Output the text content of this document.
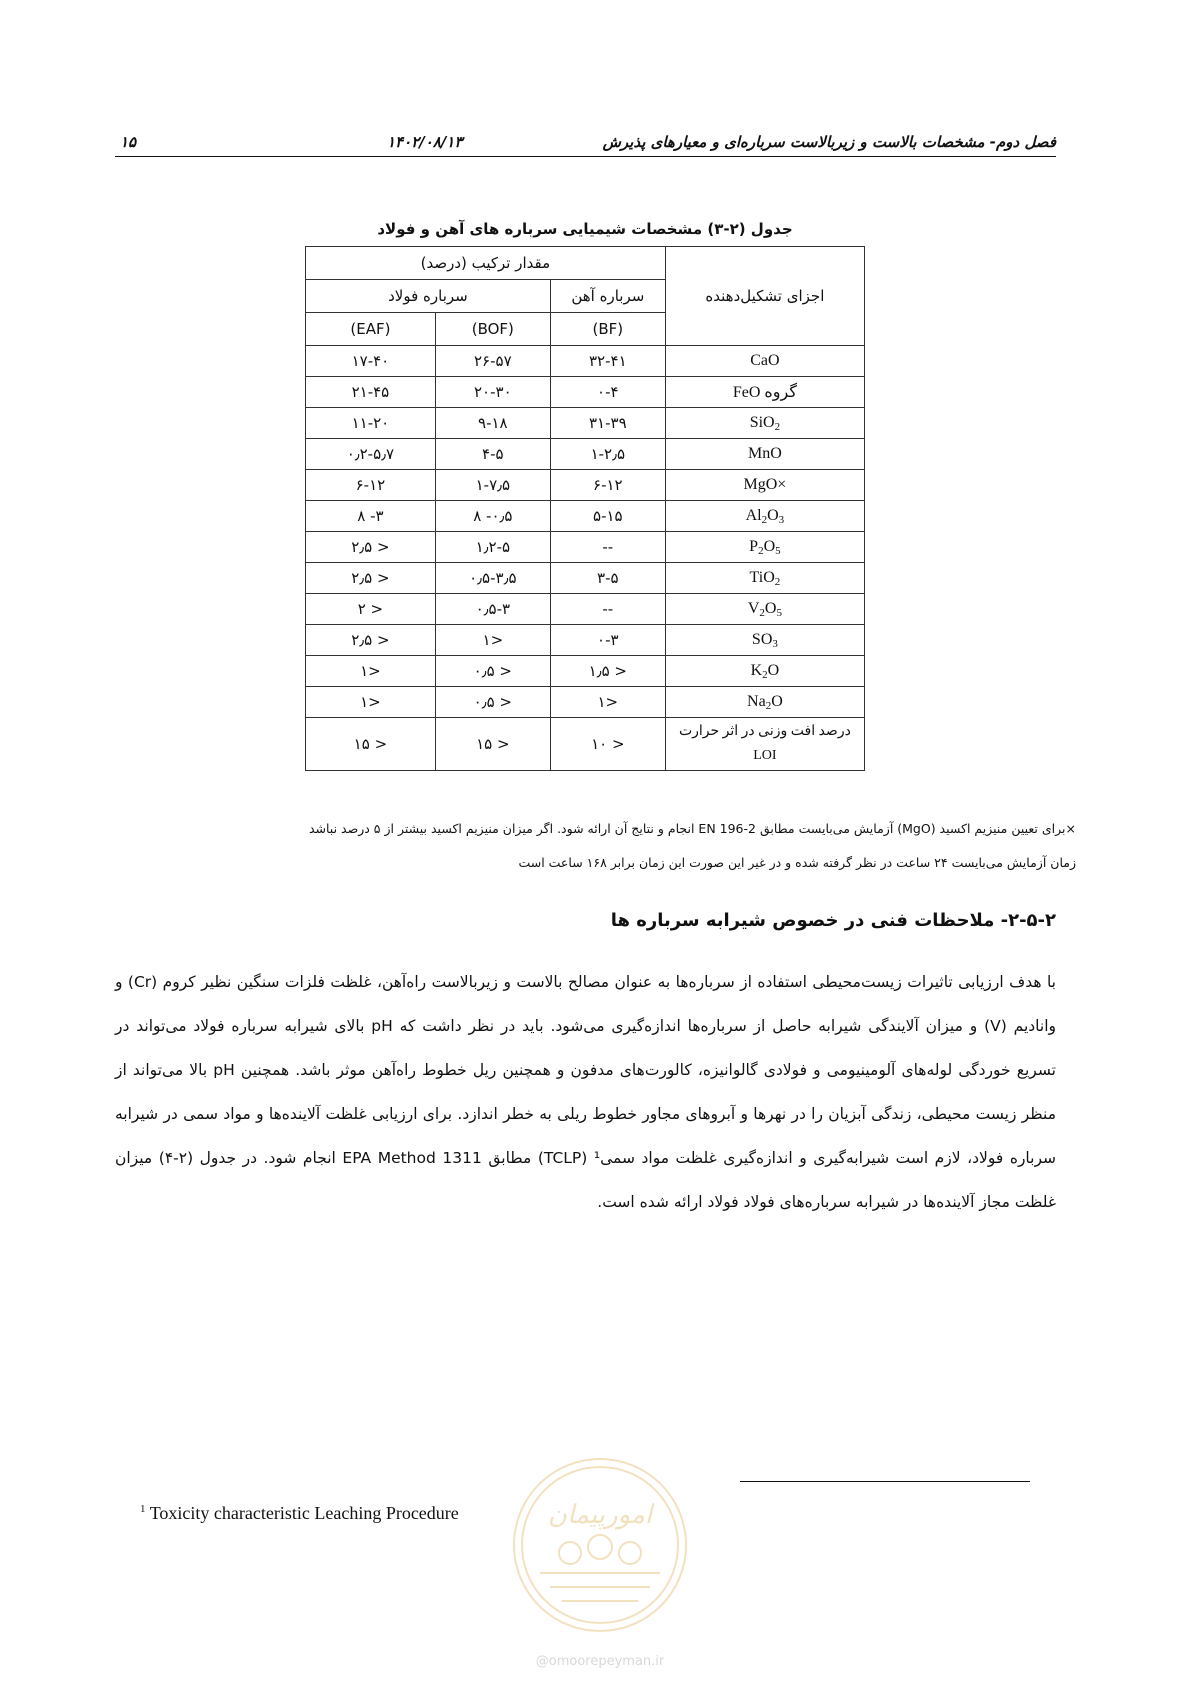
۱۵	۱۴۰۲/۰۸/۱۳	فصل دوم- مشخصات بالاست و زیربالاست سرباره‌ای و معیارهای پذیرش
جدول (۲-۳) مشخصات شیمیایی سرباره های آهن و فولاد
اجزای تشکیل‌دهنده	مقدار ترکیب (درصد)		
	سرباره آهن	سرباره فولاد	
	(BF)	(BOF)	(EAF)
CaO	۳۲-۴۱	۲۶-۵۷	۱۷-۴۰
گروه FeO	۰-۴	۲۰-۳۰	۲۱-۴۵
SiO$_2$	۳۱-۳۹	۹-۱۸	۱۱-۲۰
MnO	۱-۲٫۵	۴-۵	۰٫۲-۵٫۷
×MgO	۶-۱۲	۱-۷٫۵	۶-۱۲
$Al_2O_3$	۵-۱۵	۰٫۵- ۸	۳- ۸
$P_2O_5$	--	۱٫۲-۵	< ۲٫۵
TiO$_2$	۳-۵	۰٫۵-۳٫۵	< ۲٫۵
$V_2O_5$	--	۰٫۵-۳	< ۲
$SO_3$	۰-۳	<۱	< ۲٫۵
$K_2O$	< ۱٫۵	< ۰٫۵	<۱
$Na_2O$	<۱	< ۰٫۵	<۱
درصد افت وزنی در اثر حرارت LOI	< ۱۰	< ۱۵	< ۱۵
×برای تعیین منیزیم اکسید (MgO) آزمایش می‌بایست مطابق EN 196-2 انجام و نتایج آن ارائه شود. اگر میزان منیزیم اکسید بیشتر از ۵ درصد نباشد
زمان آزمایش می‌بایست ۲۴ ساعت در نظر گرفته شده و در غیر این صورت این زمان برابر ۱۶۸ ساعت است
۲-۵-۲- ملاحظات فنی در خصوص شیرابه سرباره ها
با هدف ارزیابی تاثیرات زیست‌محیطی استفاده از سرباره‌ها به عنوان مصالح بالاست و زیربالاست راه‌آهن، غلظت فلزات سنگین نظیر کروم (Cr) و وانادیم (V) و میزان آلایندگی شیرابه حاصل از سرباره‌ها اندازه‌گیری می‌شود. باید در نظر داشت که pH بالای شیرابه سرباره فولاد می‌تواند در تسریع خوردگی لوله‌های آلومینیومی و فولادی گالوانیزه، کالورت‌های مدفون و همچنین ریل خطوط راه‌آهن موثر باشد. همچنین pH بالا می‌تواند از منظر زیست محیطی، زندگی آبزیان را در نهرها و آبروهای مجاور خطوط ریلی به خطر اندازد. برای ارزیابی غلظت آلاینده‌ها و مواد سمی در شیرابه سرباره فولاد، لازم است شیرابه‌گیری و اندازه‌گیری غلظت مواد سمی¹ (TCLP) مطابق EPA Method 1311 انجام شود. در جدول (۲-۴) میزان غلظت مجاز آلاینده‌ها در شیرابه سرباره‌های فولاد فولاد ارائه شده است.
$^1$ Toxicity characteristic Leaching Procedure	امورپیمان
@omoorepeyman.ir
